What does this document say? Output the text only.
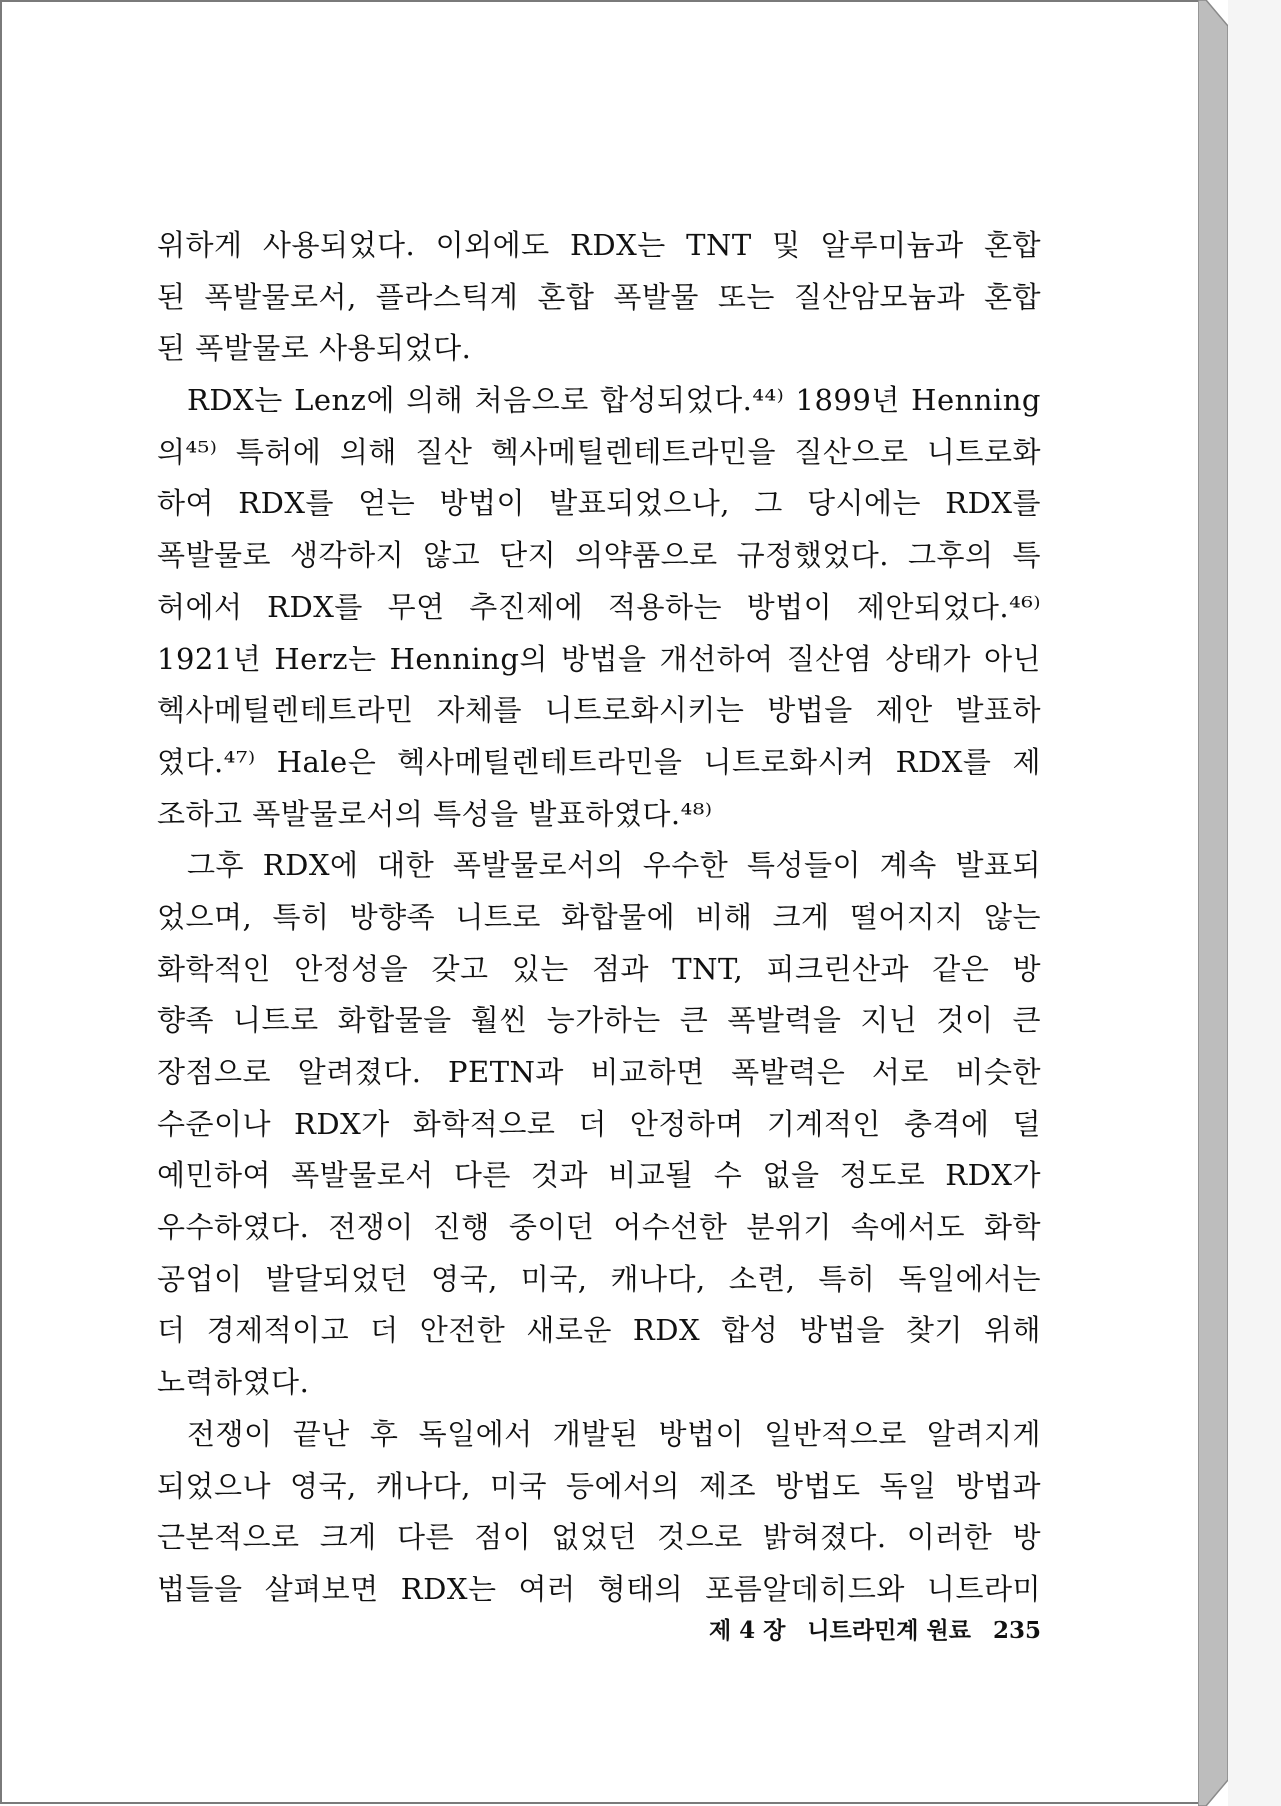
위하게 사용되었다. 이외에도 RDX는 TNT 및 알루미늄과 혼합
된 폭발물로서, 플라스틱계 혼합 폭발물 또는 질산암모늄과 혼합
된 폭발물로 사용되었다.
RDX는 Lenz에 의해 처음으로 합성되었다.⁴⁴⁾ 1899년 Henning
의⁴⁵⁾ 특허에 의해 질산 헥사메틸렌테트라민을 질산으로 니트로화
하여 RDX를 얻는 방법이 발표되었으나, 그 당시에는 RDX를
폭발물로 생각하지 않고 단지 의약품으로 규정했었다. 그후의 특
허에서 RDX를 무연 추진제에 적용하는 방법이 제안되었다.⁴⁶⁾
1921년 Herz는 Henning의 방법을 개선하여 질산염 상태가 아닌
헥사메틸렌테트라민 자체를 니트로화시키는 방법을 제안 발표하
였다.⁴⁷⁾ Hale은 헥사메틸렌테트라민을 니트로화시켜 RDX를 제
조하고 폭발물로서의 특성을 발표하였다.⁴⁸⁾
그후 RDX에 대한 폭발물로서의 우수한 특성들이 계속 발표되
었으며, 특히 방향족 니트로 화합물에 비해 크게 떨어지지 않는
화학적인 안정성을 갖고 있는 점과 TNT, 피크린산과 같은 방
향족 니트로 화합물을 훨씬 능가하는 큰 폭발력을 지닌 것이 큰
장점으로 알려졌다. PETN과 비교하면 폭발력은 서로 비슷한
수준이나 RDX가 화학적으로 더 안정하며 기계적인 충격에 덜
예민하여 폭발물로서 다른 것과 비교될 수 없을 정도로 RDX가
우수하였다. 전쟁이 진행 중이던 어수선한 분위기 속에서도 화학
공업이 발달되었던 영국, 미국, 캐나다, 소련, 특히 독일에서는
더 경제적이고 더 안전한 새로운 RDX 합성 방법을 찾기 위해
노력하였다.
전쟁이 끝난 후 독일에서 개발된 방법이 일반적으로 알려지게
되었으나 영국, 캐나다, 미국 등에서의 제조 방법도 독일 방법과
근본적으로 크게 다른 점이 없었던 것으로 밝혀졌다. 이러한 방
법들을 살펴보면 RDX는 여러 형태의 포름알데히드와 니트라미
제 4 장 니트라민계 원료 235
